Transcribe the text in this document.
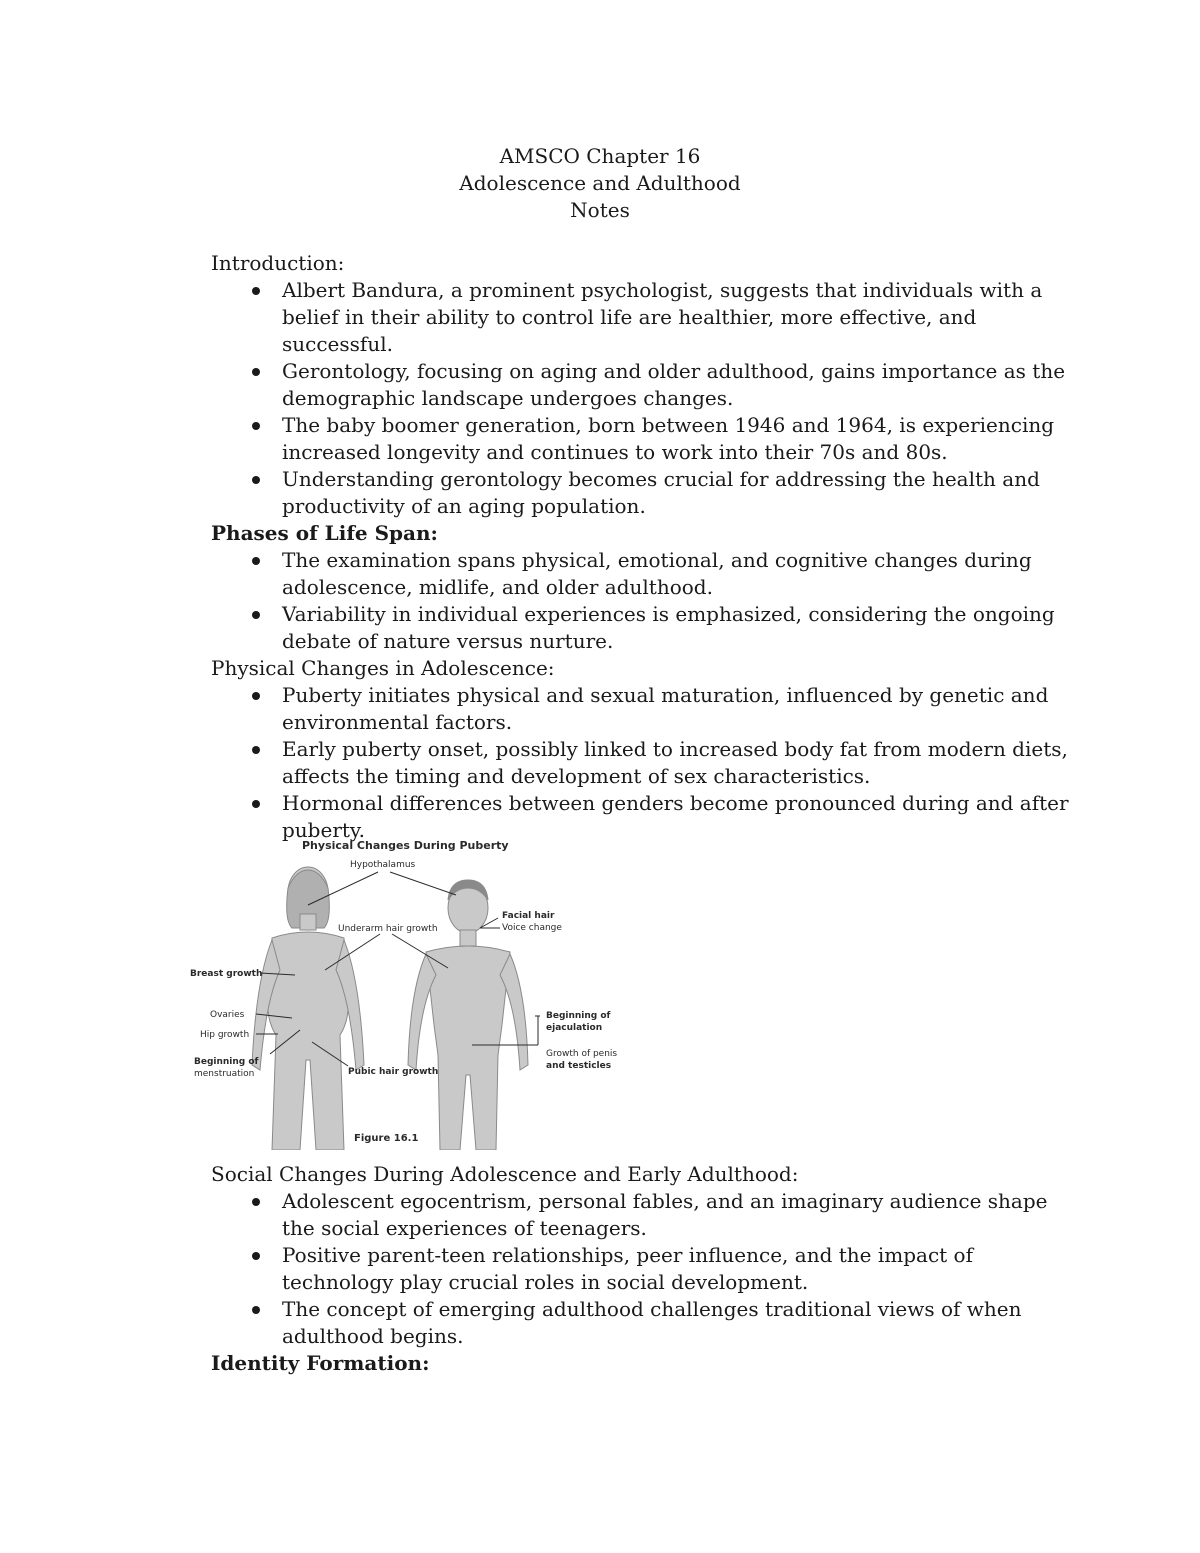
AMSCO Chapter 16
Adolescence and Adulthood
Notes

Introduction:

Albert Bandura, a prominent psychologist, suggests that individuals with a belief in their ability to control life are healthier, more effective, and successful.
Gerontology, focusing on aging and older adulthood, gains importance as the demographic landscape undergoes changes.
The baby boomer generation, born between 1946 and 1964, is experiencing increased longevity and continues to work into their 70s and 80s.
Understanding gerontology becomes crucial for addressing the health and productivity of an aging population.

Phases of Life Span:

The examination spans physical, emotional, and cognitive changes during adolescence, midlife, and older adulthood.
Variability in individual experiences is emphasized, considering the ongoing debate of nature versus nurture.

Physical Changes in Adolescence:

Puberty initiates physical and sexual maturation, influenced by genetic and environmental factors.
Early puberty onset, possibly linked to increased body fat from modern diets, affects the timing and development of sex characteristics.
Hormonal differences between genders become pronounced during and after puberty.
Physical Changes During Puberty
Hypothalamus
Underarm hair growth
Facial hair
Voice change
Breast growth
Ovaries
Hip growth
Beginning of
menstruation	Pubic hair growth
Beginning of
ejaculation
Growth of penis
and testicles
Figure 16.1

Social Changes During Adolescence and Early Adulthood:

Adolescent egocentrism, personal fables, and an imaginary audience shape the social experiences of teenagers.
Positive parent-teen relationships, peer influence, and the impact of technology play crucial roles in social development.
The concept of emerging adulthood challenges traditional views of when adulthood begins.

Identity Formation:
